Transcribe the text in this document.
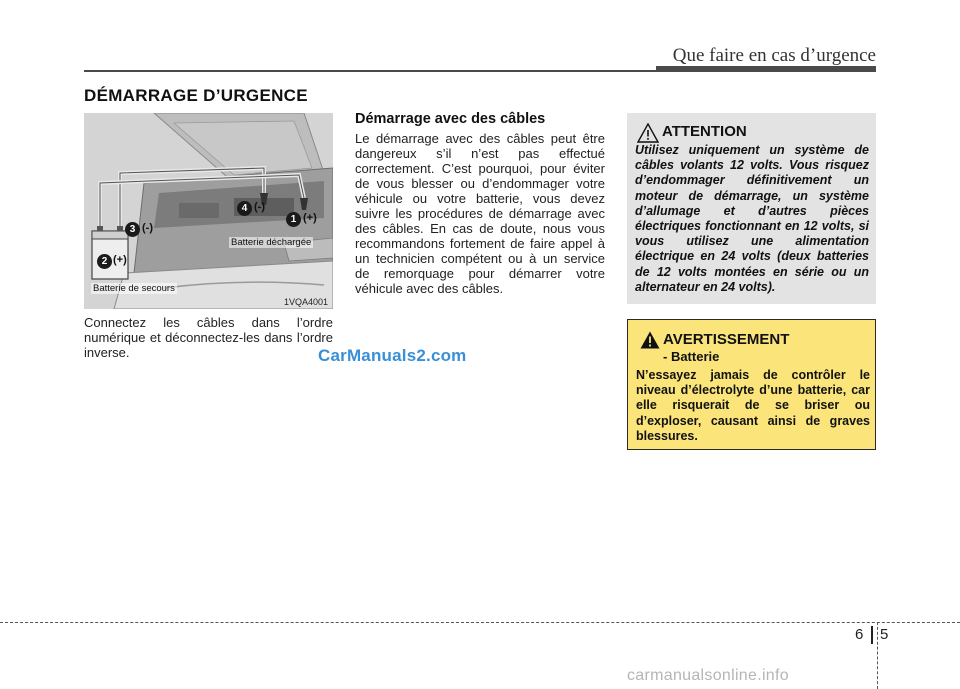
Que faire en cas d’urgence
DÉMARRAGE D’URGENCE
1 (+)
2 (+)
3 (-)
4 (-)
Batterie déchargée
Batterie de secours
1VQA4001
Connectez les câbles dans l’ordre numérique et déconnectez-les dans l’ordre inverse.
Démarrage avec des câbles
Le démarrage avec des câbles peut être dangereux s’il n’est pas effectué correctement. C’est pourquoi, pour éviter de vous blesser ou d’endommager votre véhicule ou votre batterie, vous devez suivre les procédures de démarrage avec des câbles. En cas de doute, nous vous recommandons fortement de faire appel à un technicien compétent ou à un service de remorquage pour démarrer votre véhicule avec des câbles.
CarManuals2.com
ATTENTION
Utilisez uniquement un système de câbles volants 12 volts. Vous risquez d’endommager définitivement un moteur de démarrage, un système d’allumage et d’autres pièces électriques fonctionnant en 12 volts, si vous utilisez une alimentation électrique en 24 volts (deux batteries de 12 volts montées en série ou un alternateur en 24 volts).
AVERTISSEMENT
- Batterie
N’essayez jamais de contrôler le niveau d’électrolyte d’une batterie, car elle risquerait de se briser ou d’exploser, causant ainsi de graves blessures.
6 5
carmanualsonline.info
